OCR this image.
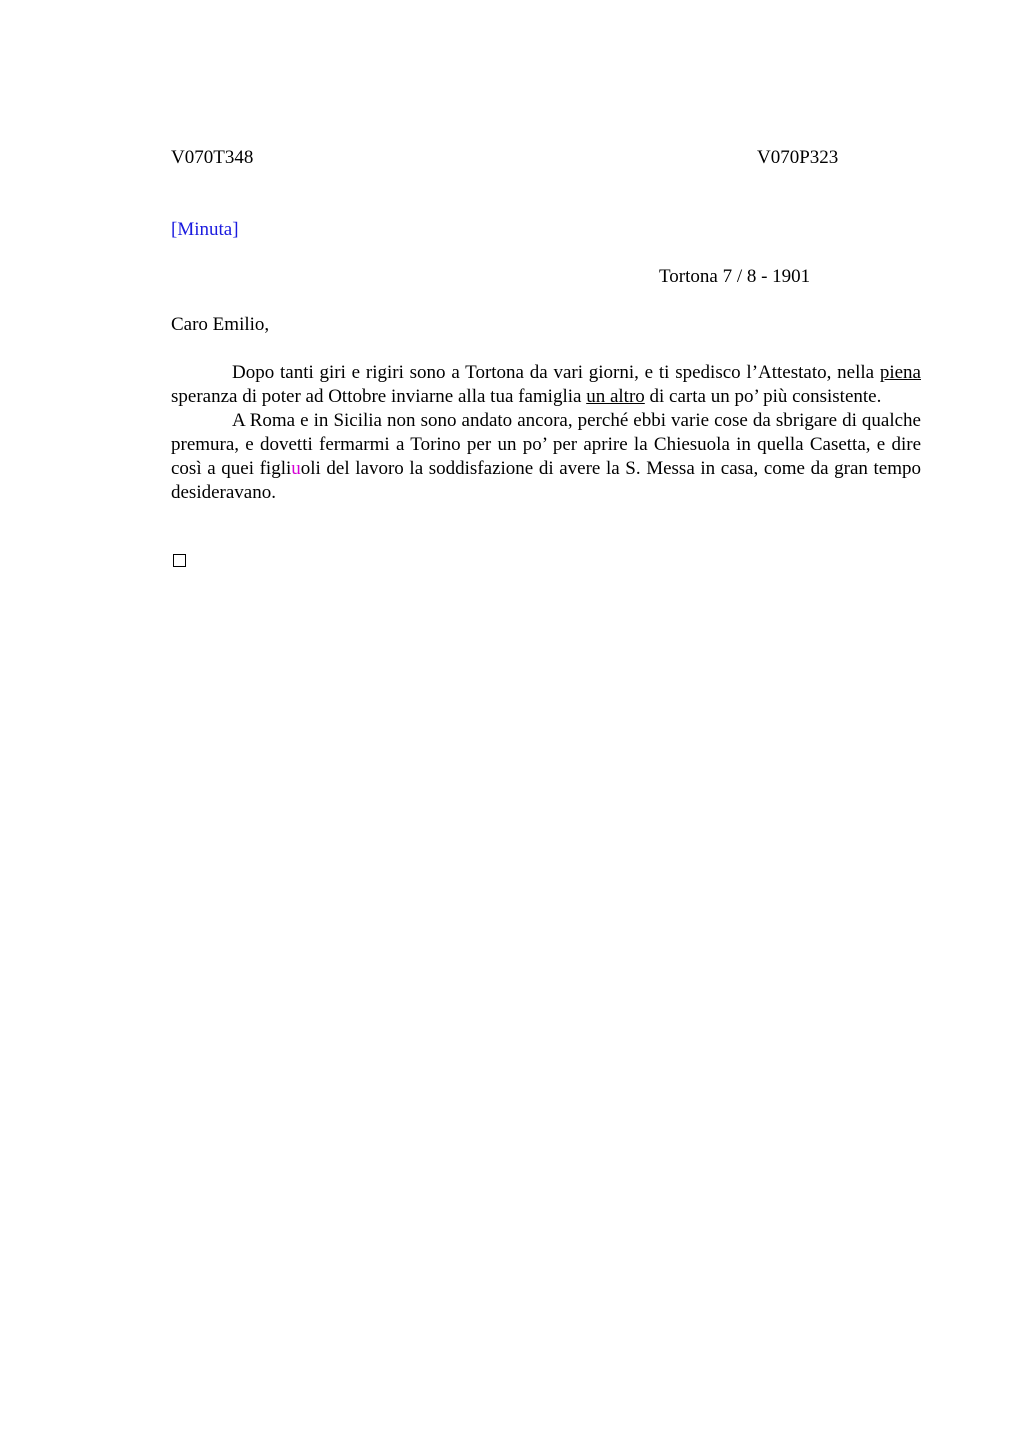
V070T348	V070P323
[Minuta]
Tortona 7 / 8 - 1901
Caro Emilio,

Dopo tanti giri e rigiri sono a Tortona da vari giorni, e ti spedisco l’Attestato, nella piena speranza di poter ad Ottobre inviarne alla tua famiglia un altro di carta un po’ più consistente.

A Roma e in Sicilia non sono andato ancora, perché ebbi varie cose da sbrigare di qualche premura, e dovetti fermarmi a Torino per un po’ per aprire la Chiesuola in quella Casetta, e dire così a quei figliuoli del lavoro la soddisfazione di avere la S. Messa in casa, come da gran tempo desideravano.
